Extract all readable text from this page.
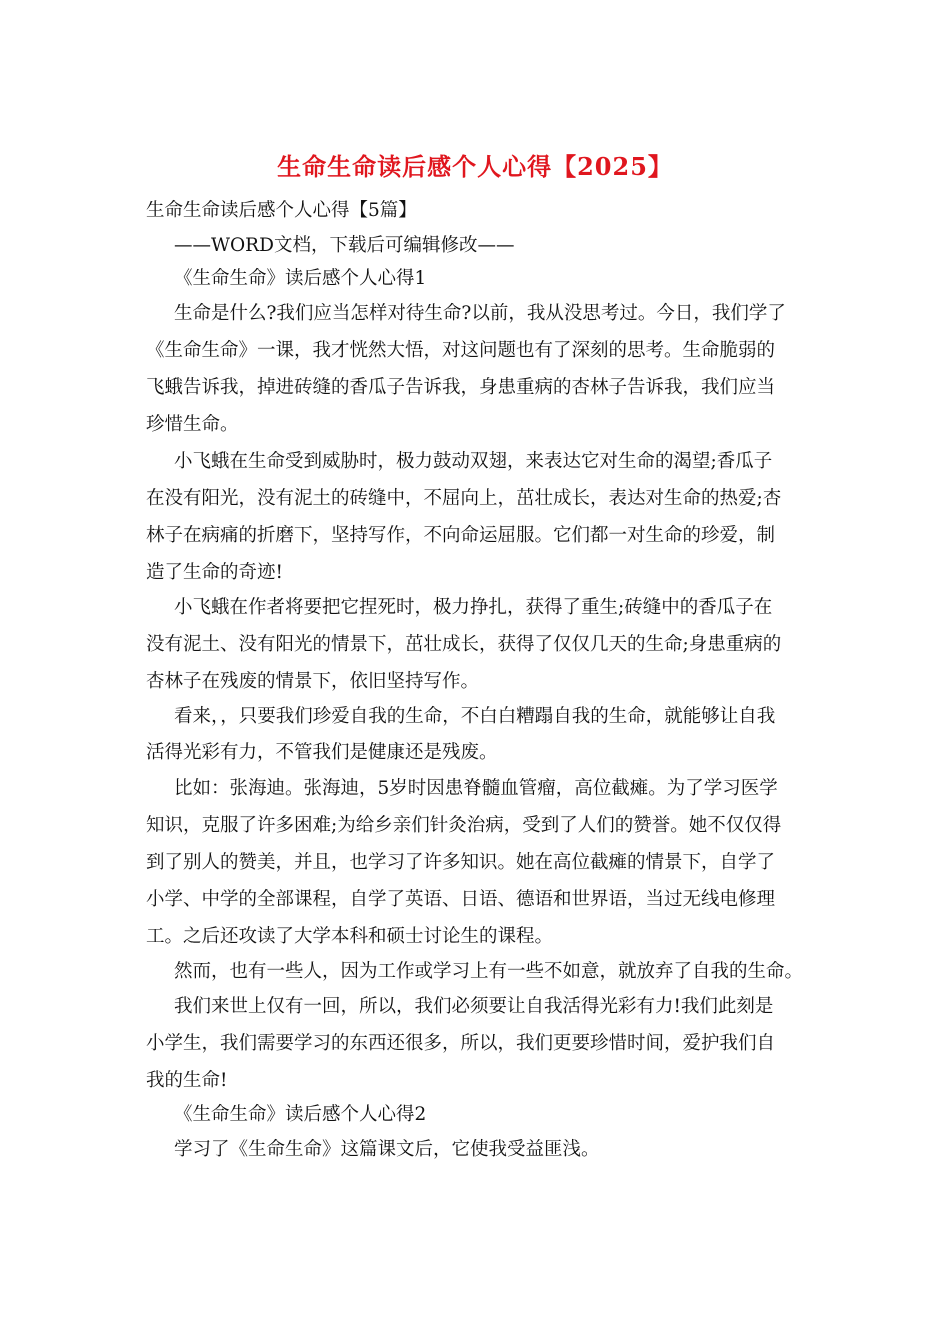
生命生命读后感个人心得【2025】
生命生命读后感个人心得【5篇】
——WORD文档，下载后可编辑修改——
《生命生命》读后感个人心得1
生命是什么?我们应当怎样对待生命?以前，我从没思考过。今日，我们学了
《生命生命》一课，我才恍然大悟，对这问题也有了深刻的思考。生命脆弱的
飞蛾告诉我，掉进砖缝的香瓜子告诉我，身患重病的杏林子告诉我，我们应当
珍惜生命。
小飞蛾在生命受到威胁时，极力鼓动双翅，来表达它对生命的渴望;香瓜子
在没有阳光，没有泥土的砖缝中，不屈向上，茁壮成长，表达对生命的热爱;杏
林子在病痛的折磨下，坚持写作，不向命运屈服。它们都一对生命的珍爱，制
造了生命的奇迹!
小飞蛾在作者将要把它捏死时，极力挣扎，获得了重生;砖缝中的香瓜子在
没有泥土、没有阳光的情景下，茁壮成长，获得了仅仅几天的生命;身患重病的
杏林子在残废的情景下，依旧坚持写作。
看来，，只要我们珍爱自我的生命，不白白糟蹋自我的生命，就能够让自我
活得光彩有力，不管我们是健康还是残废。
比如：张海迪。张海迪，5岁时因患脊髓血管瘤，高位截瘫。为了学习医学
知识，克服了许多困难;为给乡亲们针灸治病，受到了人们的赞誉。她不仅仅得
到了别人的赞美，并且，也学习了许多知识。她在高位截瘫的情景下，自学了
小学、中学的全部课程，自学了英语、日语、德语和世界语，当过无线电修理
工。之后还攻读了大学本科和硕士讨论生的课程。
然而，也有一些人，因为工作或学习上有一些不如意，就放弃了自我的生命。
我们来世上仅有一回，所以，我们必须要让自我活得光彩有力!我们此刻是
小学生，我们需要学习的东西还很多，所以，我们更要珍惜时间，爱护我们自
我的生命!
《生命生命》读后感个人心得2
学习了《生命生命》这篇课文后，它使我受益匪浅。
